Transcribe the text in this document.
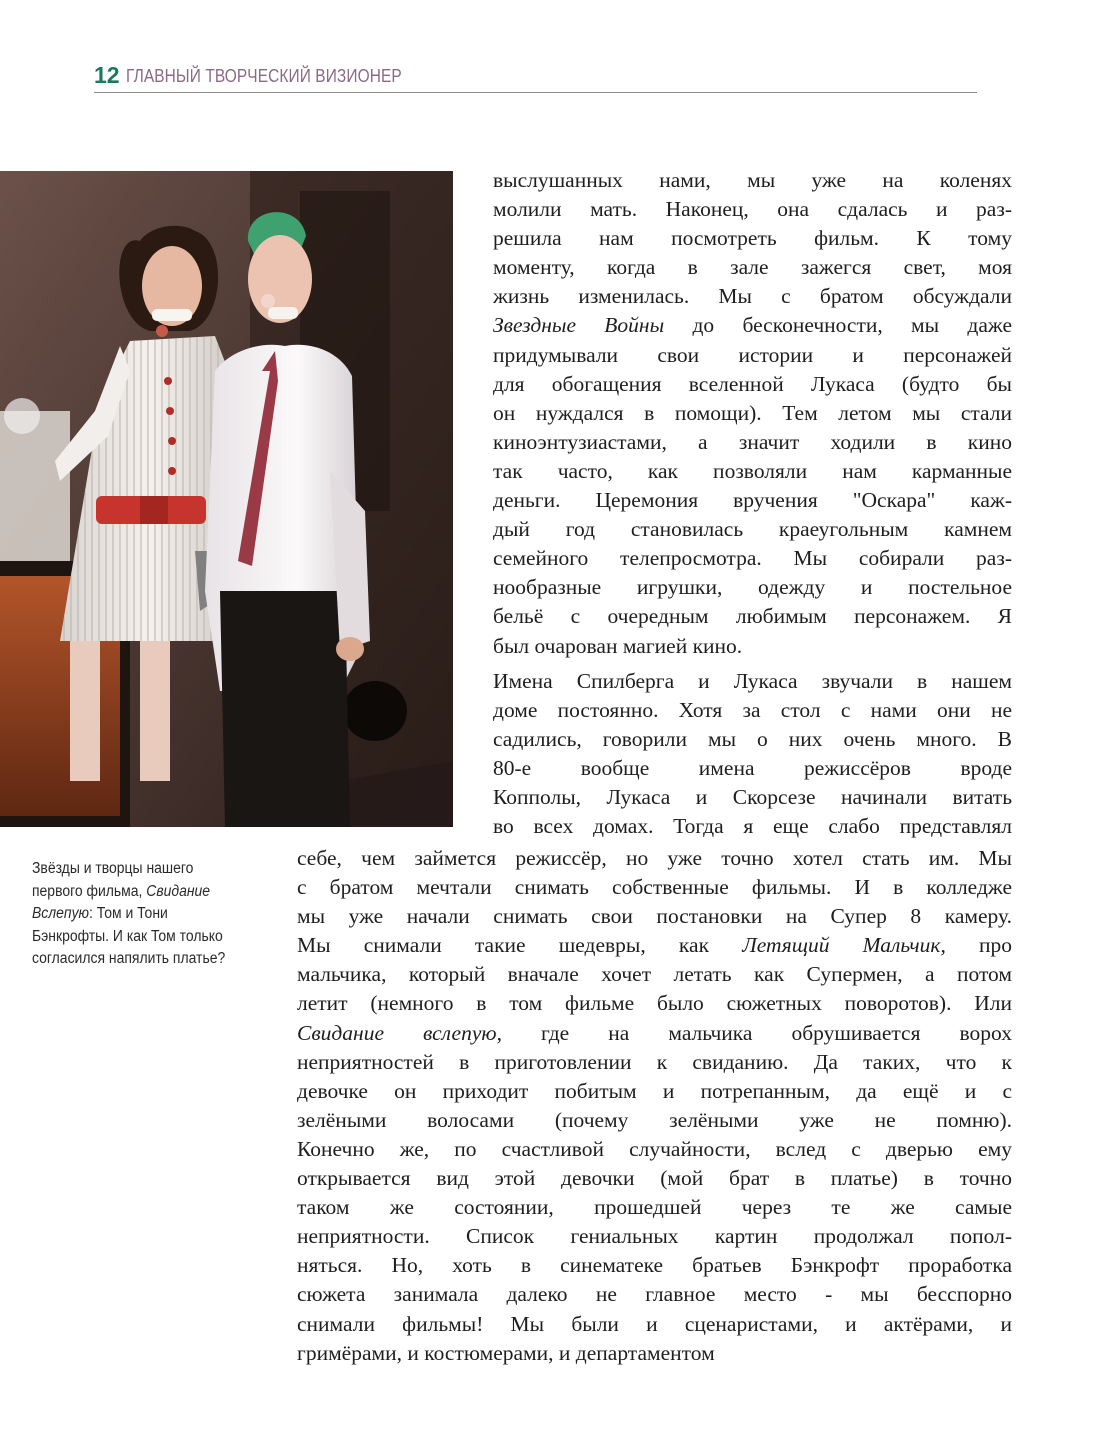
12 ГЛАВНЫЙ ТВОРЧЕСКИЙ ВИЗИОНЕР
Звёзды и творцы нашего
первого фильма, Свидание
Вслепую: Том и Тони
Бэнкрофты. И как Том только
согласился напялить платье?
выслушанных нами, мы уже на коленях
молили мать. Наконец, она сдалась и раз-
решила нам посмотреть фильм. К тому
моменту, когда в зале зажегся свет, моя
жизнь изменилась. Мы с братом обсуждали
Звездные Войны до бесконечности, мы даже
придумывали свои истории и персонажей
для обогащения вселенной Лукаса (будто бы
он нуждался в помощи). Тем летом мы стали
киноэнтузиастами, а значит ходили в кино
так часто, как позволяли нам карманные
деньги. Церемония вручения "Оскара" каж-
дый год становилась краеугольным камнем
семейного телепросмотра. Мы собирали раз-
нообразные игрушки, одежду и постельное
бельё с очередным любимым персонажем. Я
был очарован магией кино.
Имена Спилберга и Лукаса звучали в нашем
доме постоянно. Хотя за стол с нами они не
садились, говорили мы о них очень много. В
80-е вообще имена режиссёров вроде
Копполы, Лукаса и Скорсезе начинали витать
во всех домах. Тогда я еще слабо представлял
себе, чем займется режиссёр, но уже точно хотел стать им. Мы
с братом мечтали снимать собственные фильмы. И в колледже
мы уже начали снимать свои постановки на Супер 8 камеру.
Мы снимали такие шедевры, как Летящий Мальчик, про
мальчика, который вначале хочет летать как Супермен, а потом
летит (немного в том фильме было сюжетных поворотов). Или
Свидание вслепую, где на мальчика обрушивается ворох
неприятностей в приготовлении к свиданию. Да таких, что к
девочке он приходит побитым и потрепанным, да ещё и с
зелёными волосами (почему зелёными уже не помню).
Конечно же, по счастливой случайности, вслед с дверью ему
открывается вид этой девочки (мой брат в платье) в точно
таком же состоянии, прошедшей через те же самые
неприятности. Список гениальных картин продолжал попол-
няться. Но, хоть в синематеке братьев Бэнкрофт проработка
сюжета занимала далеко не главное место - мы бесспорно
снимали фильмы! Мы были и сценаристами, и актёрами, и
гримёрами, и костюмерами, и департаментом
